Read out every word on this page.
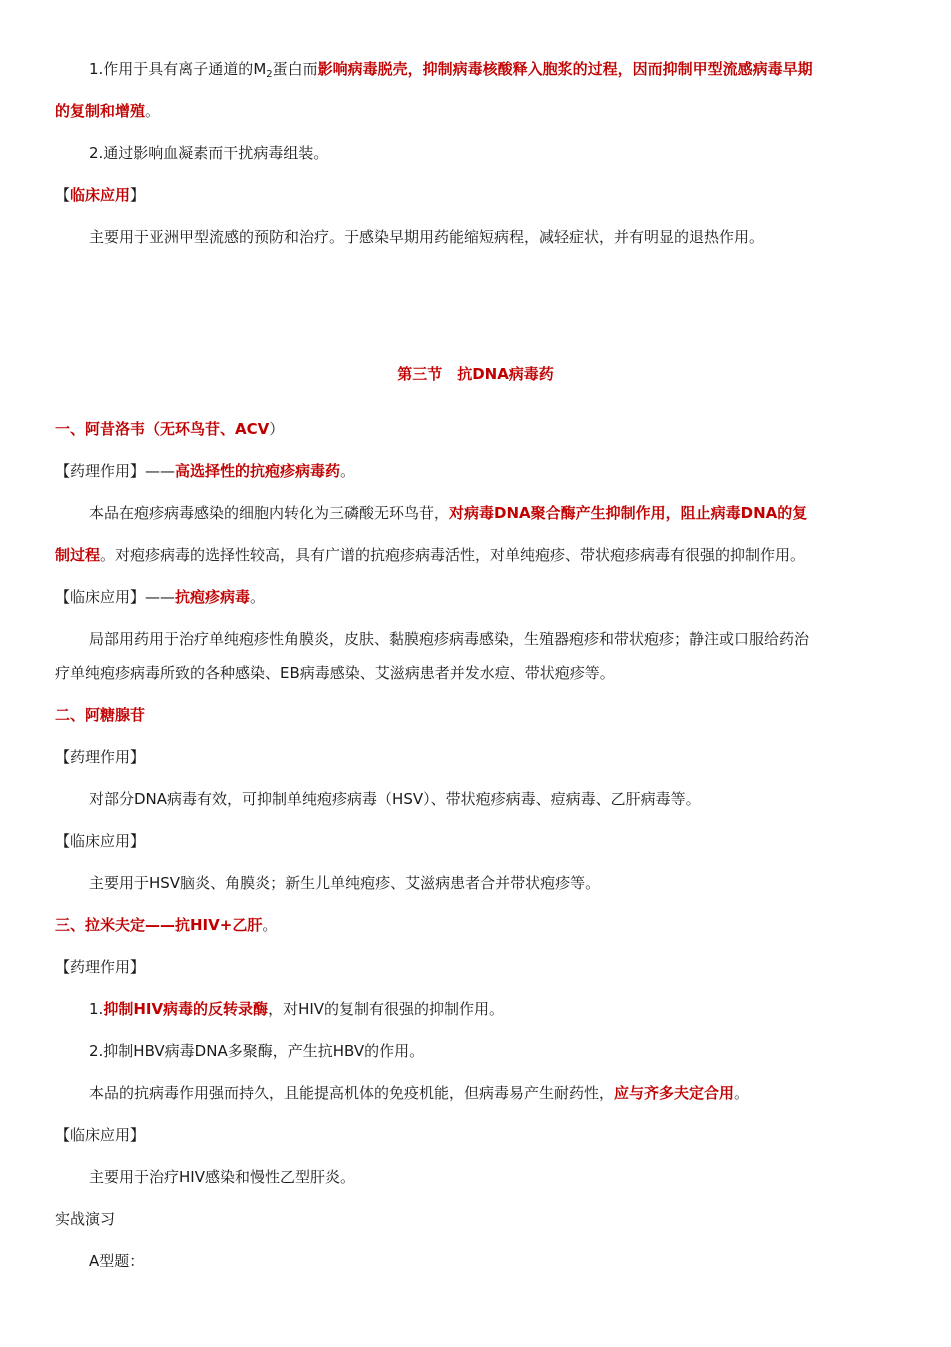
1.作用于具有离子通道的$M_2$蛋白而影响病毒脱壳，抑制病毒核酸释入胞浆的过程，因而抑制甲型流感病毒早期
的复制和增殖。
2.通过影响血凝素而干扰病毒组装。
【临床应用】
主要用于亚洲甲型流感的预防和治疗。于感染早期用药能缩短病程，减轻症状，并有明显的退热作用。
第三节　抗DNA病毒药
一、阿昔洛韦（无环鸟苷、ACV）
【药理作用】——高选择性的抗疱疹病毒药。
本品在疱疹病毒感染的细胞内转化为三磷酸无环鸟苷，对病毒DNA聚合酶产生抑制作用，阻止病毒DNA的复
制过程。对疱疹病毒的选择性较高，具有广谱的抗疱疹病毒活性，对单纯疱疹、带状疱疹病毒有很强的抑制作用。
【临床应用】——抗疱疹病毒。
局部用药用于治疗单纯疱疹性角膜炎，皮肤、黏膜疱疹病毒感染，生殖器疱疹和带状疱疹；静注或口服给药治
疗单纯疱疹病毒所致的各种感染、EB病毒感染、艾滋病患者并发水痘、带状疱疹等。
二、阿糖腺苷
【药理作用】
对部分DNA病毒有效，可抑制单纯疱疹病毒（HSV）、带状疱疹病毒、痘病毒、乙肝病毒等。
【临床应用】
主要用于HSV脑炎、角膜炎；新生儿单纯疱疹、艾滋病患者合并带状疱疹等。
三、拉米夫定——抗HIV+乙肝。
【药理作用】
1.抑制HIV病毒的反转录酶，对HIV的复制有很强的抑制作用。
2.抑制HBV病毒DNA多聚酶，产生抗HBV的作用。
本品的抗病毒作用强而持久，且能提高机体的免疫机能，但病毒易产生耐药性，应与齐多夫定合用。
【临床应用】
主要用于治疗HIV感染和慢性乙型肝炎。
实战演习
A型题：
